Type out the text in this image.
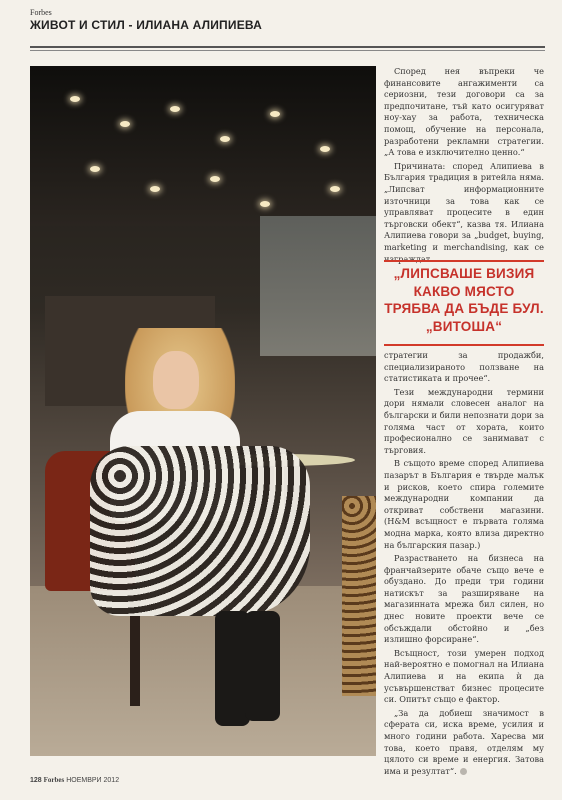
Forbes
ЖИВОТ И СТИЛ - ИЛИАНА АЛИПИЕВА

Според нея въпреки че финансовите ангажименти са сериозни, тези договори са за предпочитане, тъй като осигуряват ноу-хау за работа, техническа помощ, обучение на персонала, разработени рекламни стратегии. „А това е изключително ценно.“

Причината: според Алипиева в България традиция в ритейла няма. „Липсват информационните източници за това как се управляват процесите в един търговски обект“, казва тя. Илиана Алипиева говори за „budget, buying, marketing и merchandising, как се изграждат

„ЛИПСВАШЕ ВИЗИЯ КАКВО МЯСТО ТРЯБВА ДА БЪДЕ БУЛ. „ВИТОША“

стратегии за продажби, специализираното ползване на статистиката и прочее“.

Тези международни термини дори нямали словесен аналог на български и били непознати дори за голяма част от хората, които професионално се занимават с търговия.

В същото време според Алипиева пазарът в България е твърде малък и рисков, което спира големите международни компании да откриват собствени магазини. (H&M всъщност е първата голяма модна марка, която влиза директно на българския пазар.)

Разрастването на бизнеса на франчайзерите обаче също вече е обуздано. До преди три години натискът за разширяване на магазинната мрежа бил силен, но днес новите проекти вече се обсъждали обстойно и „без излишно форсиране“.

Всъщност, този умерен подход най-вероятно е помогнал на Илиана Алипиева и на екипа ѝ да усъвършенстват бизнес процесите си. Опитът също е фактор.

„За да добиеш значимост в сферата си, иска време, усилия и много години работа. Харесва ми това, което правя, отделям му цялото си време и енергия. Затова има и резултат“.

128 Forbes НОЕМВРИ 2012
